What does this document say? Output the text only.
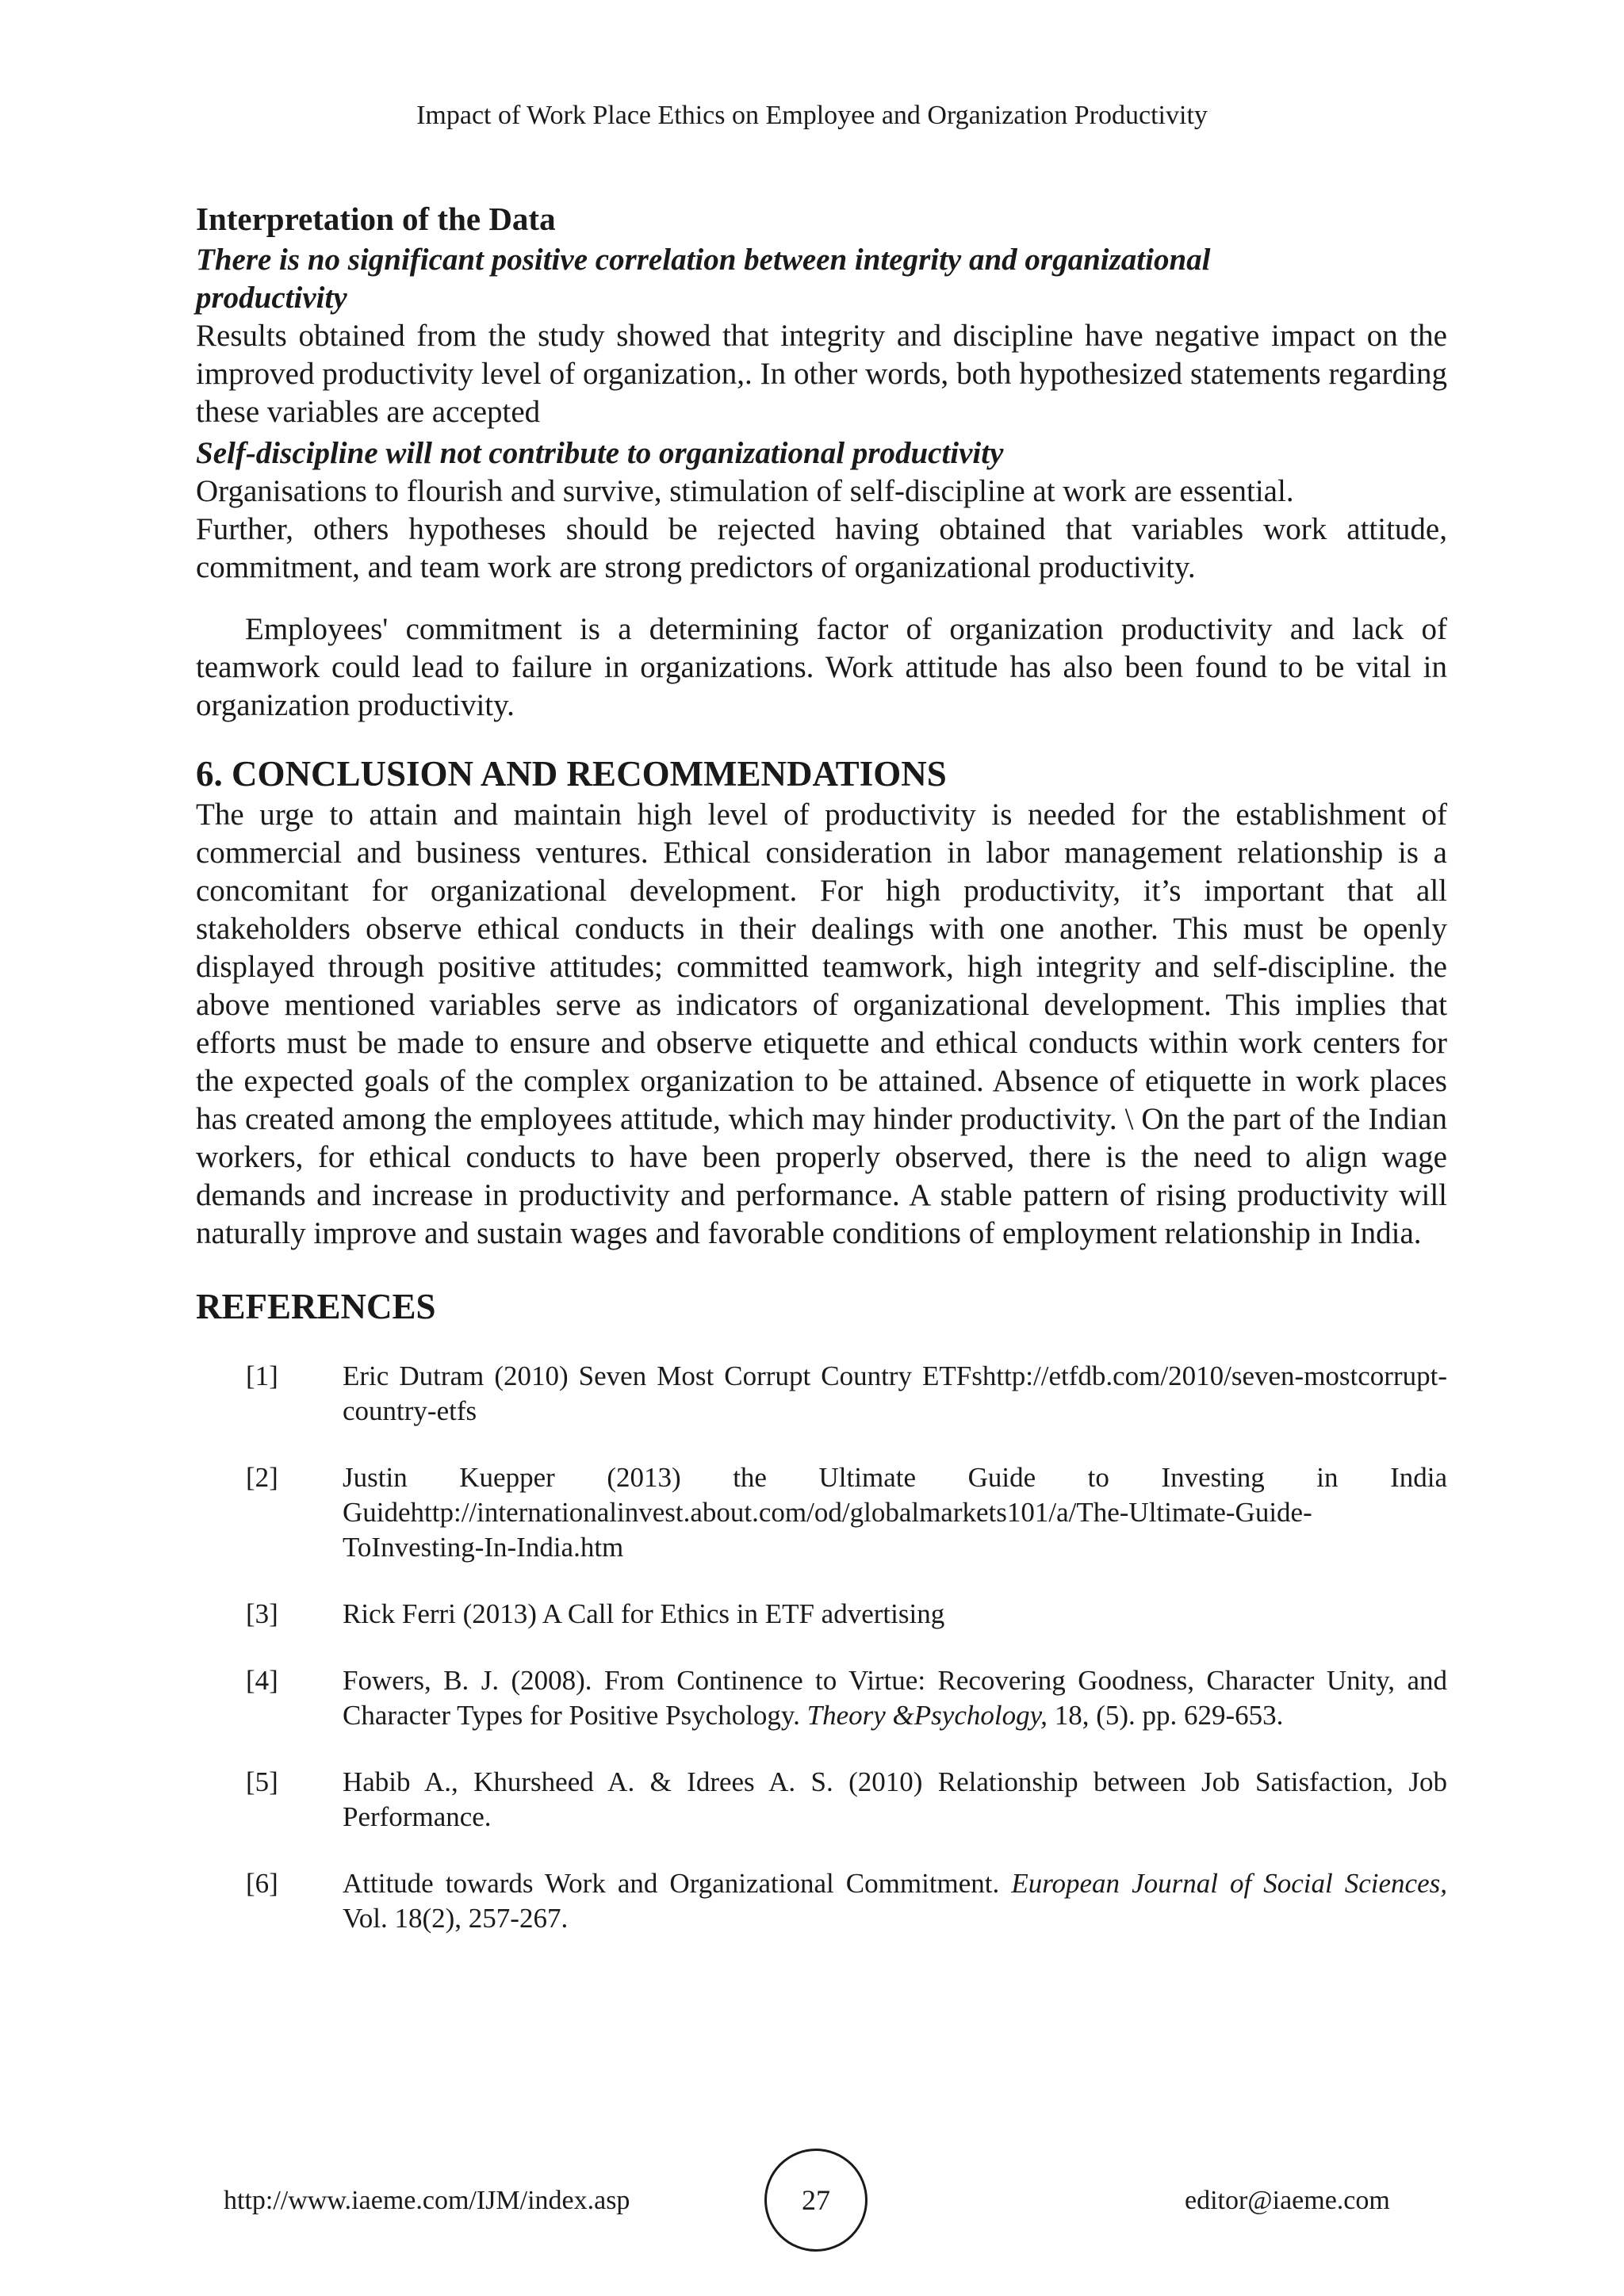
Impact of Work Place Ethics on Employee and Organization Productivity
Interpretation of the Data
There is no significant positive correlation between integrity and organizational productivity

Results obtained from the study showed that integrity and discipline have negative impact on the improved productivity level of organization,. In other words, both hypothesized statements regarding these variables are accepted

Self-discipline will not contribute to organizational productivity

Organisations to flourish and survive, stimulation of self-discipline at work are essential.

Further, others hypotheses should be rejected having obtained that variables work attitude, commitment, and team work are strong predictors of organizational productivity.

Employees' commitment is a determining factor of organization productivity and lack of teamwork could lead to failure in organizations. Work attitude has also been found to be vital in organization productivity.

6. CONCLUSION AND RECOMMENDATIONS

The urge to attain and maintain high level of productivity is needed for the establishment of commercial and business ventures. Ethical consideration in labor management relationship is a concomitant for organizational development. For high productivity, it’s important that all stakeholders observe ethical conducts in their dealings with one another. This must be openly displayed through positive attitudes; committed teamwork, high integrity and self-discipline. the above mentioned variables serve as indicators of organizational development. This implies that efforts must be made to ensure and observe etiquette and ethical conducts within work centers for the expected goals of the complex organization to be attained. Absence of etiquette in work places has created among the employees attitude, which may hinder productivity. \ On the part of the Indian workers, for ethical conducts to have been properly observed, there is the need to align wage demands and increase in productivity and performance. A stable pattern of rising productivity will naturally improve and sustain wages and favorable conditions of employment relationship in India.

REFERENCES
[1]	Eric Dutram (2010) Seven Most Corrupt Country ETFshttp://etfdb.com/2010/seven-mostcorrupt-country-etfs
[2]	Justin Kuepper (2013) the Ultimate Guide to Investing in India Guidehttp://internationalinvest.about.com/od/globalmarkets101/a/The-Ultimate-Guide-ToInvesting-In-India.htm
[3]	Rick Ferri (2013) A Call for Ethics in ETF advertising
[4]	Fowers, B. J. (2008). From Continence to Virtue: Recovering Goodness, Character Unity, and Character Types for Positive Psychology. Theory &Psychology, 18, (5). pp. 629-653.
[5]	Habib A., Khursheed A. & Idrees A. S. (2010) Relationship between Job Satisfaction, Job Performance.
[6]	Attitude towards Work and Organizational Commitment. European Journal of Social Sciences, Vol. 18(2), 257-267.
http://www.iaeme.com/IJM/index.asp	27	editor@iaeme.com
